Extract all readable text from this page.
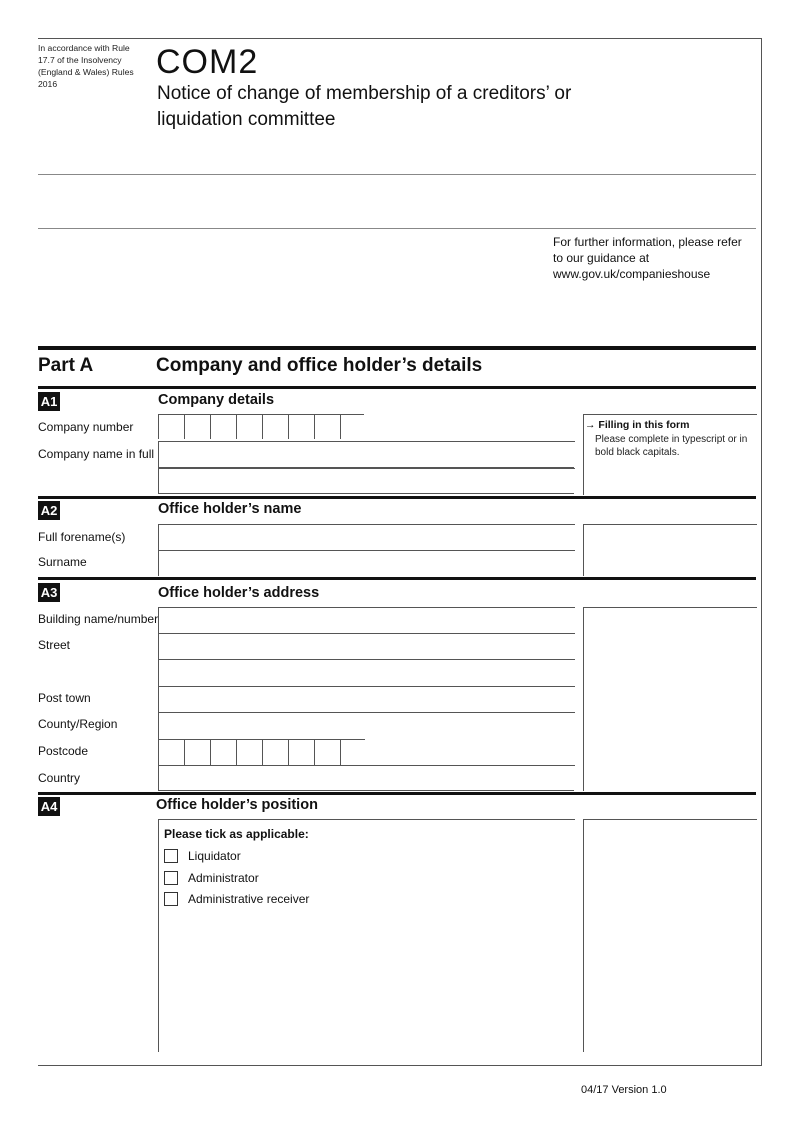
In accordance with Rule 17.7 of the Insolvency (England & Wales) Rules 2016
COM2
Notice of change of membership of a creditors’ or liquidation committee
For further information, please refer to our guidance at www.gov.uk/companieshouse
Part A	Company and office holder’s details
A1	Company details
Company number
Company name in full
→ Filling in this form
Please complete in typescript or in bold black capitals.
A2	Office holder’s name
Full forename(s)
Surname
A3	Office holder’s address
Building name/number
Street
Post town
County/Region
Postcode
Country
A4	Office holder’s position
Please tick as applicable:
Liquidator
Administrator
Administrative receiver
04/17 Version 1.0
